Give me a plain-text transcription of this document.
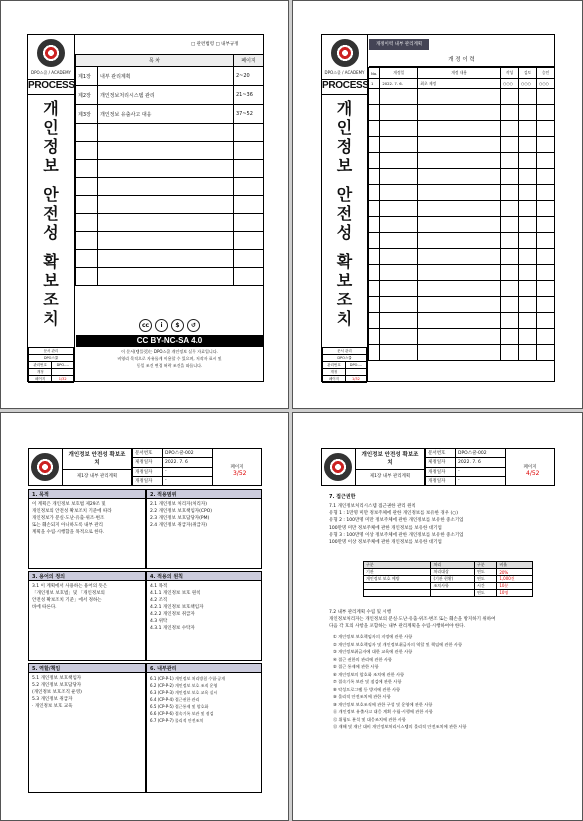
DPO스쿨 / ACADEMY
PROCESS
개
인
정
보
안
전
성
확
보
조
치
문서 관리	
DPO스쿨	
관리번호	DPO-...
개정	
페이지	1/32
□ 관련법령 □ 내부규정
목 차		페이지
제1장	내부 관리계획	2~20
제2장	개인정보처리시스템 관리	21~36
제3장	개인정보 유출사고 대응	37~52

cc	i	$	↺
CC BY-NC-SA 4.0
이 문서(템플릿)는 DPO스쿨 개인정보 실무 자료입니다.
비영리 목적으로 자유롭게 이용할 수 있으며, 저작자 표시 및
동일 조건 변경 허락 조건을 따릅니다.
DPO스쿨 / ACADEMY
PROCESS
개
인
정
보
안
전
성
확
보
조
치
문서 관리	
DPO스쿨	
관리번호	DPO-...
개정	
페이지	1/32
개정이력 내부 관리계획
개 정 이 력
No.	개정일	개정 내용	작성	검토	승인
1	2022. 7. 6.	최초 제정	○○○	○○○	○○○

개인정보 안전성 확보조치
제1장 내부 관리계획
문서번호	DPO스쿨-002	페이지

제정일자	2022. 7. 6	
개정일자	-	
개정일자	-	
3/52
1. 목적
이 계획은 개인정보 보호법 제29조 및
개인정보의 안전성 확보조치 기준에 따라
개인정보가 분실·도난·유출·위조·변조
또는 훼손되지 아니하도록 내부 관리
계획을 수립·시행함을 목적으로 한다.
2. 적용범위
2.1 개인정보 처리자(처리자)
2.2 개인정보 보호책임자(CPO)
2.3 개인정보 보호담당자(PM)
2.4 개인정보 취급자(취급자)
3. 용어의 정의
3.1 이 계획에서 사용하는 용어의 뜻은
「개인정보 보호법」및 「개인정보의
안전성 확보조치 기준」에서 정하는
바에 따른다.
4. 적용의 원칙
4.1 목적
4.1.1 개인정보 보호 원칙
4.2 조직
4.2.1 개인정보 보호책임자
4.2.2 개인정보 취급자
4.3 위탁
4.3.1 개인정보 수탁자
5. 역할/책임
5.1 개인정보 보호책임자
5.2 개인정보 보호담당자
(개인정보 보호조직 운영)
5.3 개인정보 취급자
· 개인정보 보호 교육
6. 내부관리
6.1 (CP-P-1) 개인정보 처리방침 수립·공개
6.2 (CP-P-2) 개인정보 보호 조직 운영
6.3 (CP-P-3) 개인정보 보호 교육 실시
6.4 (CP-P-4) 접근권한 관리
6.5 (CP-P-5) 접근통제 및 암호화
6.6 (CP-P-6) 접속기록 보관 및 점검
6.7 (CP-P-7) 물리적 안전조치
개인정보 안전성 확보조치
제1장 내부 관리계획
문서번호	DPO스쿨-002	페이지

제정일자	2022. 7. 6	
개정일자	-	
개정일자	-	
4/52
7. 접근권한
7.1 개인정보처리시스템 접근권한 관리 원칙
유형 1 : 1만명 미만 정보주체에 관한 개인정보를 보유한 경우 (○)
유형 2 : 100만명 미만 정보주체에 관한 개인정보를 보유한 중소기업
100만명 미만 정보주체에 관한 개인정보를 보유한 대기업
유형 3 : 100만명 이상 정보주체에 관한 개인정보를 보유한 중소기업
100만명 이상 정보주체에 관한 개인정보를 보유한 대기업
구분	처리	구분	비율
기관	처리대상	연도	20%
개인정보 보호 예방	(기관 현황)	연도	1,000건
	조치사항	시간	10분
		연도	10명
7.2 내부 관리계획 수립 및 시행
개인정보처리자는 개인정보의 분실·도난·유출·위조·변조 또는 훼손을 방지하기 위하여
다음 각 호의 사항을 포함하는 내부 관리계획을 수립·시행하여야 한다.
① 개인정보 보호책임자의 지정에 관한 사항
② 개인정보 보호책임자 및 개인정보취급자의 역할 및 책임에 관한 사항
③ 개인정보취급자에 대한 교육에 관한 사항
④ 접근 권한의 관리에 관한 사항
⑤ 접근 통제에 관한 사항
⑥ 개인정보의 암호화 조치에 관한 사항
⑦ 접속기록 보관 및 점검에 관한 사항
⑧ 악성프로그램 등 방지에 관한 사항
⑨ 물리적 안전조치에 관한 사항
⑩ 개인정보 보호조직에 관한 구성 및 운영에 관한 사항
⑪ 개인정보 유출사고 대응 계획 수립·시행에 관한 사항
⑫ 위험도 분석 및 대응조치에 관한 사항
⑬ 재해 및 재난 대비 개인정보처리시스템의 물리적 안전조치에 관한 사항
